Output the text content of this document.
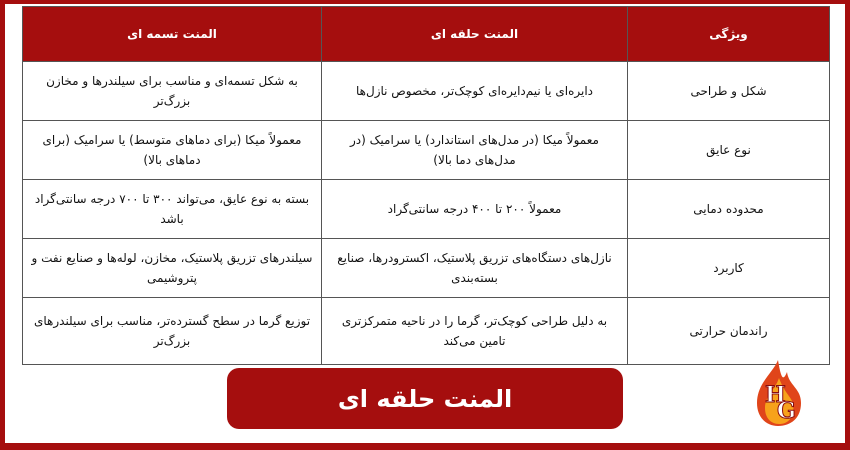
ویژگی	المنت حلقه ای	المنت تسمه ای
شکل و طراحی	دایره‌ای یا نیم‌دایره‌ای کوچک‌تر، مخصوص نازل‌ها	به شکل تسمه‌ای و مناسب برای سیلندرها و مخازن بزرگ‌تر
نوع عایق	معمولاً میکا (در مدل‌های استاندارد) یا سرامیک (در مدل‌های دما بالا)	معمولاً میکا (برای دماهای متوسط) یا سرامیک (برای دماهای بالا)
محدوده دمایی	معمولاً ۲۰۰ تا ۴۰۰ درجه سانتی‌گراد	بسته به نوع عایق، می‌تواند ۳۰۰ تا ۷۰۰ درجه سانتی‌گراد باشد
کاربرد	نازل‌های دستگاه‌های تزریق پلاستیک، اکسترودرها، صنایع بسته‌بندی	سیلندرهای تزریق پلاستیک، مخازن، لوله‌ها و صنایع نفت و پتروشیمی
راندمان حرارتی	به دلیل طراحی کوچک‌تر، گرما را در ناحیه متمرکزتری تامین می‌کند	توزیع گرما در سطح گسترده‌تر، مناسب برای سیلندرهای بزرگ‌تر
المنت حلقه ای	H
G
